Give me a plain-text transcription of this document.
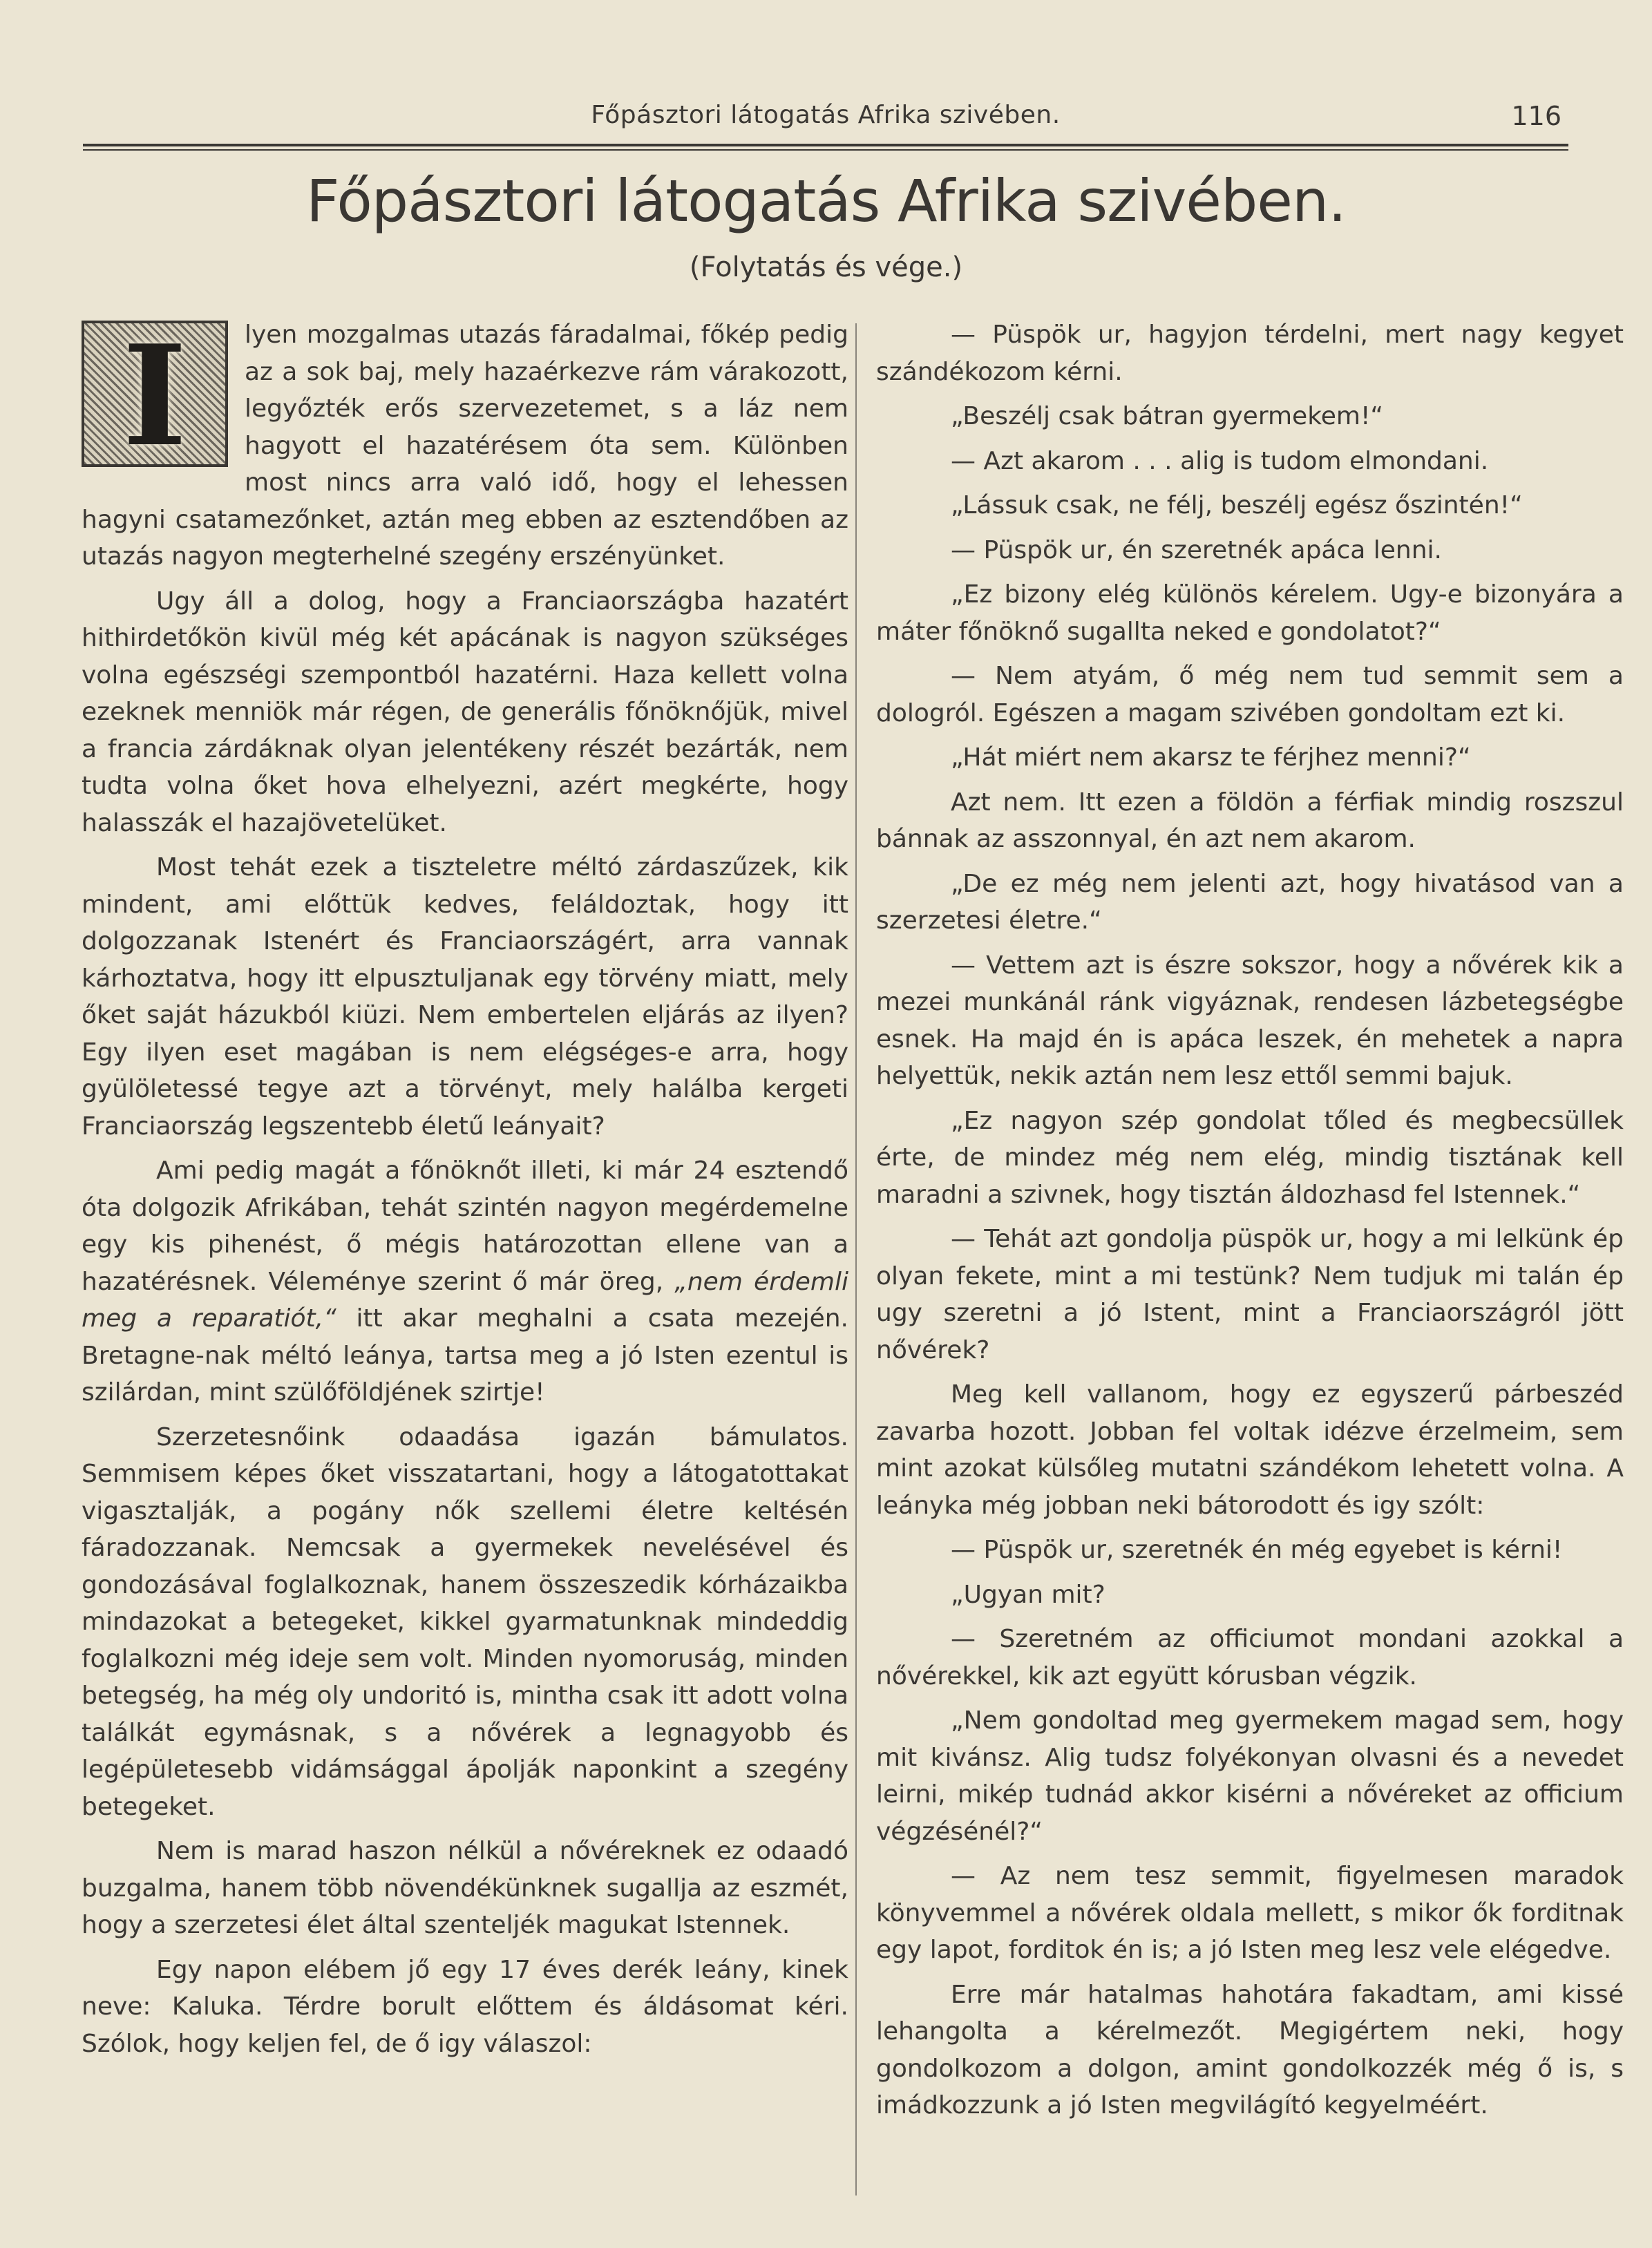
Főpásztori látogatás Afrika szivében.	116
Főpásztori látogatás Afrika szivében.
(Folytatás és vége.)

I	lyen mozgalmas utazás fáradalmai, főkép pedig az a sok baj, mely hazaérkezve rám várakozott, legyőzték erős szervezetemet, s a láz nem hagyott el hazatérésem óta sem. Különben most nincs arra való idő, hogy el lehessen hagyni csatamezőnket, aztán meg ebben az esztendőben az utazás nagyon megterhelné szegény erszényünket.

Ugy áll a dolog, hogy a Franciaországba hazatért hithirdetőkön kivül még két apácának is nagyon szükséges volna egészségi szempontból hazatérni. Haza kellett volna ezeknek menniök már régen, de generális főnöknőjük, mivel a francia zárdáknak olyan jelentékeny részét bezárták, nem tudta volna őket hova elhelyezni, azért megkérte, hogy halasszák el hazajövetelüket.

Most tehát ezek a tiszteletre méltó zárdaszűzek, kik mindent, ami előttük kedves, feláldoztak, hogy itt dolgozzanak Istenért és Franciaországért, arra vannak kárhoztatva, hogy itt elpusztuljanak egy törvény miatt, mely őket saját házukból kiüzi. Nem embertelen eljárás az ilyen? Egy ilyen eset magában is nem elégséges-e arra, hogy gyülöletessé tegye azt a törvényt, mely halálba kergeti Franciaország legszentebb életű leányait?

Ami pedig magát a főnöknőt illeti, ki már 24 esztendő óta dolgozik Afrikában, tehát szintén nagyon megérdemelne egy kis pihenést, ő mégis határozottan ellene van a hazatérésnek. Véleménye szerint ő már öreg, „nem érdemli meg a reparatiót,“ itt akar meghalni a csata mezején. Bretagne-nak méltó leánya, tartsa meg a jó Isten ezentul is szilárdan, mint szülőföldjének szirtje!

Szerzetesnőink odaadása igazán bámulatos. Semmisem képes őket visszatartani, hogy a látogatottakat vigasztalják, a pogány nők szellemi életre keltésén fáradozzanak. Nemcsak a gyermekek nevelésével és gondozásával foglalkoznak, hanem összeszedik kórházaikba mindazokat a betegeket, kikkel gyarmatunknak mindeddig foglalkozni még ideje sem volt. Minden nyomoruság, minden betegség, ha még oly undoritó is, mintha csak itt adott volna találkát egymásnak, s a nővérek a legnagyobb és legépületesebb vidámsággal ápolják naponkint a szegény betegeket.

Nem is marad haszon nélkül a nővéreknek ez odaadó buzgalma, hanem több növendékünknek sugallja az eszmét, hogy a szerzetesi élet által szenteljék magukat Istennek.

Egy napon elébem jő egy 17 éves derék leány, kinek neve: Kaluka. Térdre borult előttem és áldásomat kéri. Szólok, hogy keljen fel, de ő igy válaszol:

— Püspök ur, hagyjon térdelni, mert nagy kegyet szándékozom kérni.

„Beszélj csak bátran gyermekem!“

— Azt akarom . . . alig is tudom elmondani.

„Lássuk csak, ne félj, beszélj egész őszintén!“

— Püspök ur, én szeretnék apáca lenni.

„Ez bizony elég különös kérelem. Ugy-e bizonyára a máter főnöknő sugallta neked e gondolatot?“

— Nem atyám, ő még nem tud semmit sem a dologról. Egészen a magam szivében gondoltam ezt ki.

„Hát miért nem akarsz te férjhez menni?“

Azt nem. Itt ezen a földön a férfiak mindig roszszul bánnak az asszonnyal, én azt nem akarom.

„De ez még nem jelenti azt, hogy hivatásod van a szerzetesi életre.“

— Vettem azt is észre sokszor, hogy a nővérek kik a mezei munkánál ránk vigyáznak, rendesen lázbetegségbe esnek. Ha majd én is apáca leszek, én mehetek a napra helyettük, nekik aztán nem lesz ettől semmi bajuk.

„Ez nagyon szép gondolat tőled és megbecsüllek érte, de mindez még nem elég, mindig tisztának kell maradni a szivnek, hogy tisztán áldozhasd fel Istennek.“

— Tehát azt gondolja püspök ur, hogy a mi lelkünk ép olyan fekete, mint a mi testünk? Nem tudjuk mi talán ép ugy szeretni a jó Istent, mint a Franciaországról jött nővérek?

Meg kell vallanom, hogy ez egyszerű párbeszéd zavarba hozott. Jobban fel voltak idézve érzelmeim, sem mint azokat külsőleg mutatni szándékom lehetett volna. A leányka még jobban neki bátorodott és igy szólt:

— Püspök ur, szeretnék én még egyebet is kérni!

„Ugyan mit?

— Szeretném az officiumot mondani azokkal a nővérekkel, kik azt együtt kórusban végzik.

„Nem gondoltad meg gyermekem magad sem, hogy mit kivánsz. Alig tudsz folyékonyan olvasni és a nevedet leirni, mikép tudnád akkor kisérni a nővéreket az officium végzésénél?“

— Az nem tesz semmit, figyelmesen maradok könyvemmel a nővérek oldala mellett, s mikor ők forditnak egy lapot, forditok én is; a jó Isten meg lesz vele elégedve.

Erre már hatalmas hahotára fakadtam, ami kissé lehangolta a kérelmezőt. Megigértem neki, hogy gondolkozom a dolgon, amint gondolkozzék még ő is, s imádkozzunk a jó Isten megvilágító kegyelméért.
